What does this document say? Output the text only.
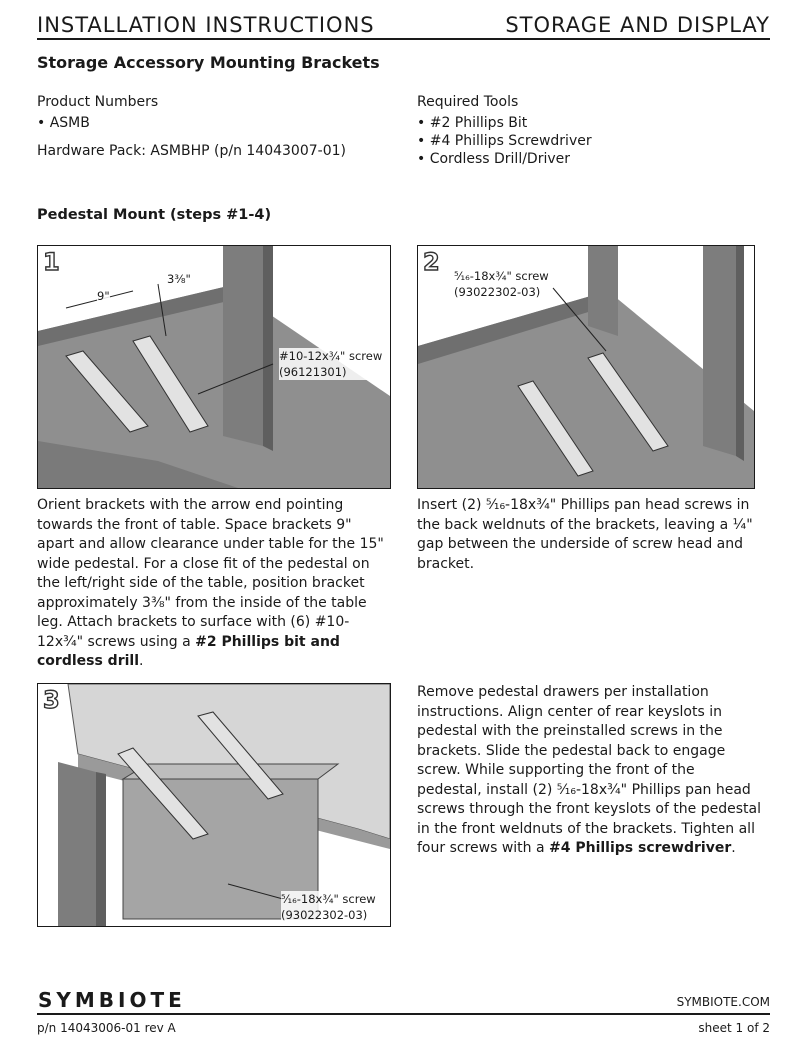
INSTALLATION INSTRUCTIONS	STORAGE AND DISPLAY
Storage Accessory Mounting Brackets
Product Numbers
• ASMB
Hardware Pack: ASMBHP (p/n 14043007-01)
Required Tools
• #2 Phillips Bit
• #4 Phillips Screwdriver
• Cordless Drill/Driver
Pedestal Mount (steps #1-4)
1
9"
3⅜"
#10-12x¾" screw
(96121301)
2 ⁵⁄₁₆-18x¾" screw
(93022302-03)
Orient brackets with the arrow end pointing towards the front of table. Space brackets 9" apart and allow clearance under table for the 15" wide pedestal. For a close fit of the pedestal on the left/right side of the table, position bracket approximately 3⅜" from the inside of the table leg. Attach brackets to surface with (6) #10-12x¾" screws using a #2 Phillips bit and cordless drill.
Insert (2) ⁵⁄₁₆-18x¾" Phillips pan head screws in the back weldnuts of the brackets, leaving a ¼" gap between the underside of screw head and bracket.
3
⁵⁄₁₆-18x¾" screw
(93022302-03)
Remove pedestal drawers per installation instructions. Align center of rear keyslots in pedestal with the preinstalled screws in the brackets. Slide the pedestal back to engage screw. While supporting the front of the pedestal, install (2) ⁵⁄₁₆-18x¾" Phillips pan head screws through the front keyslots of the pedestal in the front weldnuts of the brackets. Tighten all four screws with a #4 Phillips screwdriver.
SYMBIOTE	SYMBIOTE.COM
p/n 14043006-01 rev A	sheet 1 of 2
